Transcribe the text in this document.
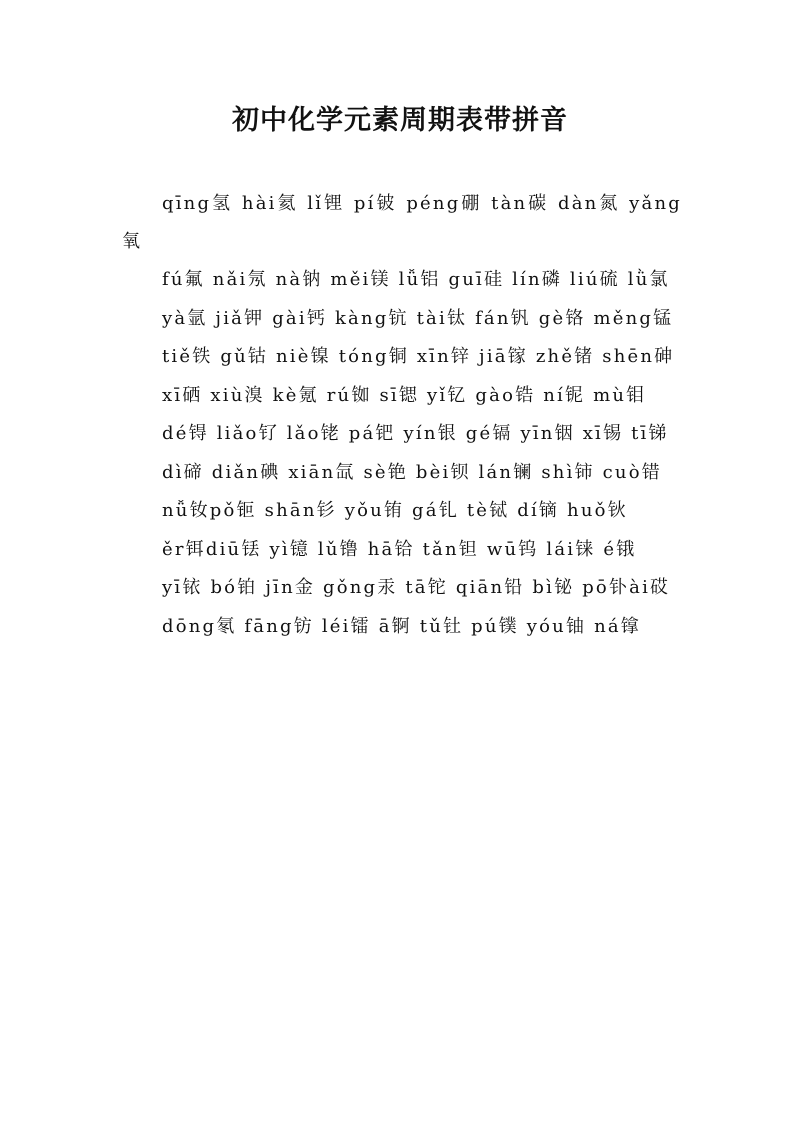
初中化学元素周期表带拼音

qīng氢 hài氦 lǐ锂 pí铍 péng硼 tàn碳 dàn氮 yǎng氧

fú氟 nǎi氖 nà钠 měi镁 lǚ铝 guī硅 lín磷 liú硫 lǜ氯

yà氩 jiǎ钾 gài钙 kàng钪 tài钛 fán钒 gè铬 měng锰

tiě铁 gǔ钴 niè镍 tóng铜 xīn锌 jiā镓 zhě锗 shēn砷

xī硒 xiù溴 kè氪 rú铷 sī锶 yǐ钇 gào锆 ní铌 mù钼

dé锝 liǎo钌 lǎo铑 pá钯 yín银 gé镉 yīn铟 xī锡 tī锑

dì碲 diǎn碘 xiān氙 sè铯 bèi钡 lán镧 shì铈 cuò错

nǚ钕pǒ钷 shān钐 yǒu铕 gá钆 tè铽 dí镝 huǒ钬

ěr铒diū铥 yì镱 lǔ镥 hā铪 tǎn钽 wū钨 lái铼 é锇

yī铱 bó铂 jīn金 gǒng汞 tā铊 qiān铅 bì铋 pō钋ài砹

dōng氡 fāng钫 léi镭 ā锕 tǔ钍 pú镤 yóu铀 ná镎
